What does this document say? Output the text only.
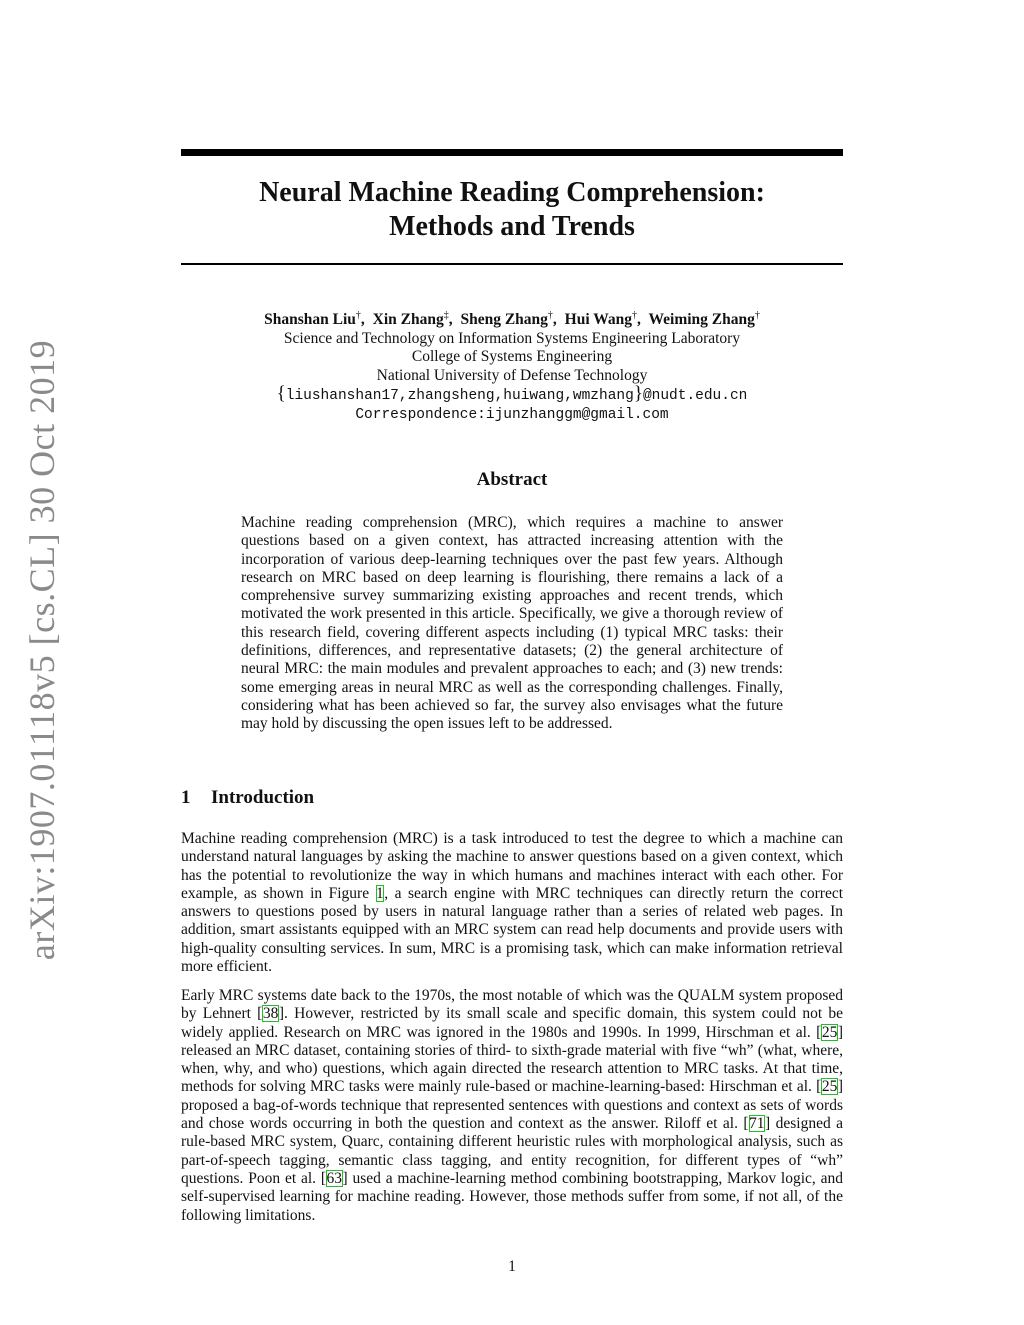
arXiv:1907.01118v5 [cs.CL] 30 Oct 2019
Neural Machine Reading Comprehension:
Methods and Trends
Shanshan Liu†, Xin Zhang‡, Sheng Zhang†, Hui Wang†, Weiming Zhang†
Science and Technology on Information Systems Engineering Laboratory
College of Systems Engineering
National University of Defense Technology
{liushanshan17,zhangsheng,huiwang,wmzhang}@nudt.edu.cn
Correspondence:ijunzhanggm@gmail.com
Abstract
Machine reading comprehension (MRC), which requires a machine to answer questions based on a given context, has attracted increasing attention with the incorporation of various deep-learning techniques over the past few years. Although research on MRC based on deep learning is flourishing, there remains a lack of a comprehensive survey summarizing existing approaches and recent trends, which motivated the work presented in this article. Specifically, we give a thorough review of this research field, covering different aspects including (1) typical MRC tasks: their definitions, differences, and representative datasets; (2) the general architecture of neural MRC: the main modules and prevalent approaches to each; and (3) new trends: some emerging areas in neural MRC as well as the corresponding challenges. Finally, considering what has been achieved so far, the survey also envisages what the future may hold by discussing the open issues left to be addressed.
1 Introduction
Machine reading comprehension (MRC) is a task introduced to test the degree to which a machine can understand natural languages by asking the machine to answer questions based on a given context, which has the potential to revolutionize the way in which humans and machines interact with each other. For example, as shown in Figure 1, a search engine with MRC techniques can directly return the correct answers to questions posed by users in natural language rather than a series of related web pages. In addition, smart assistants equipped with an MRC system can read help documents and provide users with high-quality consulting services. In sum, MRC is a promising task, which can make information retrieval more efficient.
Early MRC systems date back to the 1970s, the most notable of which was the QUALM system proposed by Lehnert [38]. However, restricted by its small scale and specific domain, this system could not be widely applied. Research on MRC was ignored in the 1980s and 1990s. In 1999, Hirschman et al. [25] released an MRC dataset, containing stories of third- to sixth-grade material with five “wh” (what, where, when, why, and who) questions, which again directed the research attention to MRC tasks. At that time, methods for solving MRC tasks were mainly rule-based or machine-learning-based: Hirschman et al. [25] proposed a bag-of-words technique that represented sentences with questions and context as sets of words and chose words occurring in both the question and context as the answer. Riloff et al. [71] designed a rule-based MRC system, Quarc, containing different heuristic rules with morphological analysis, such as part-of-speech tagging, semantic class tagging, and entity recognition, for different types of “wh” questions. Poon et al. [63] used a machine-learning method combining bootstrapping, Markov logic, and self-supervised learning for machine reading. However, those methods suffer from some, if not all, of the following limitations.
1
